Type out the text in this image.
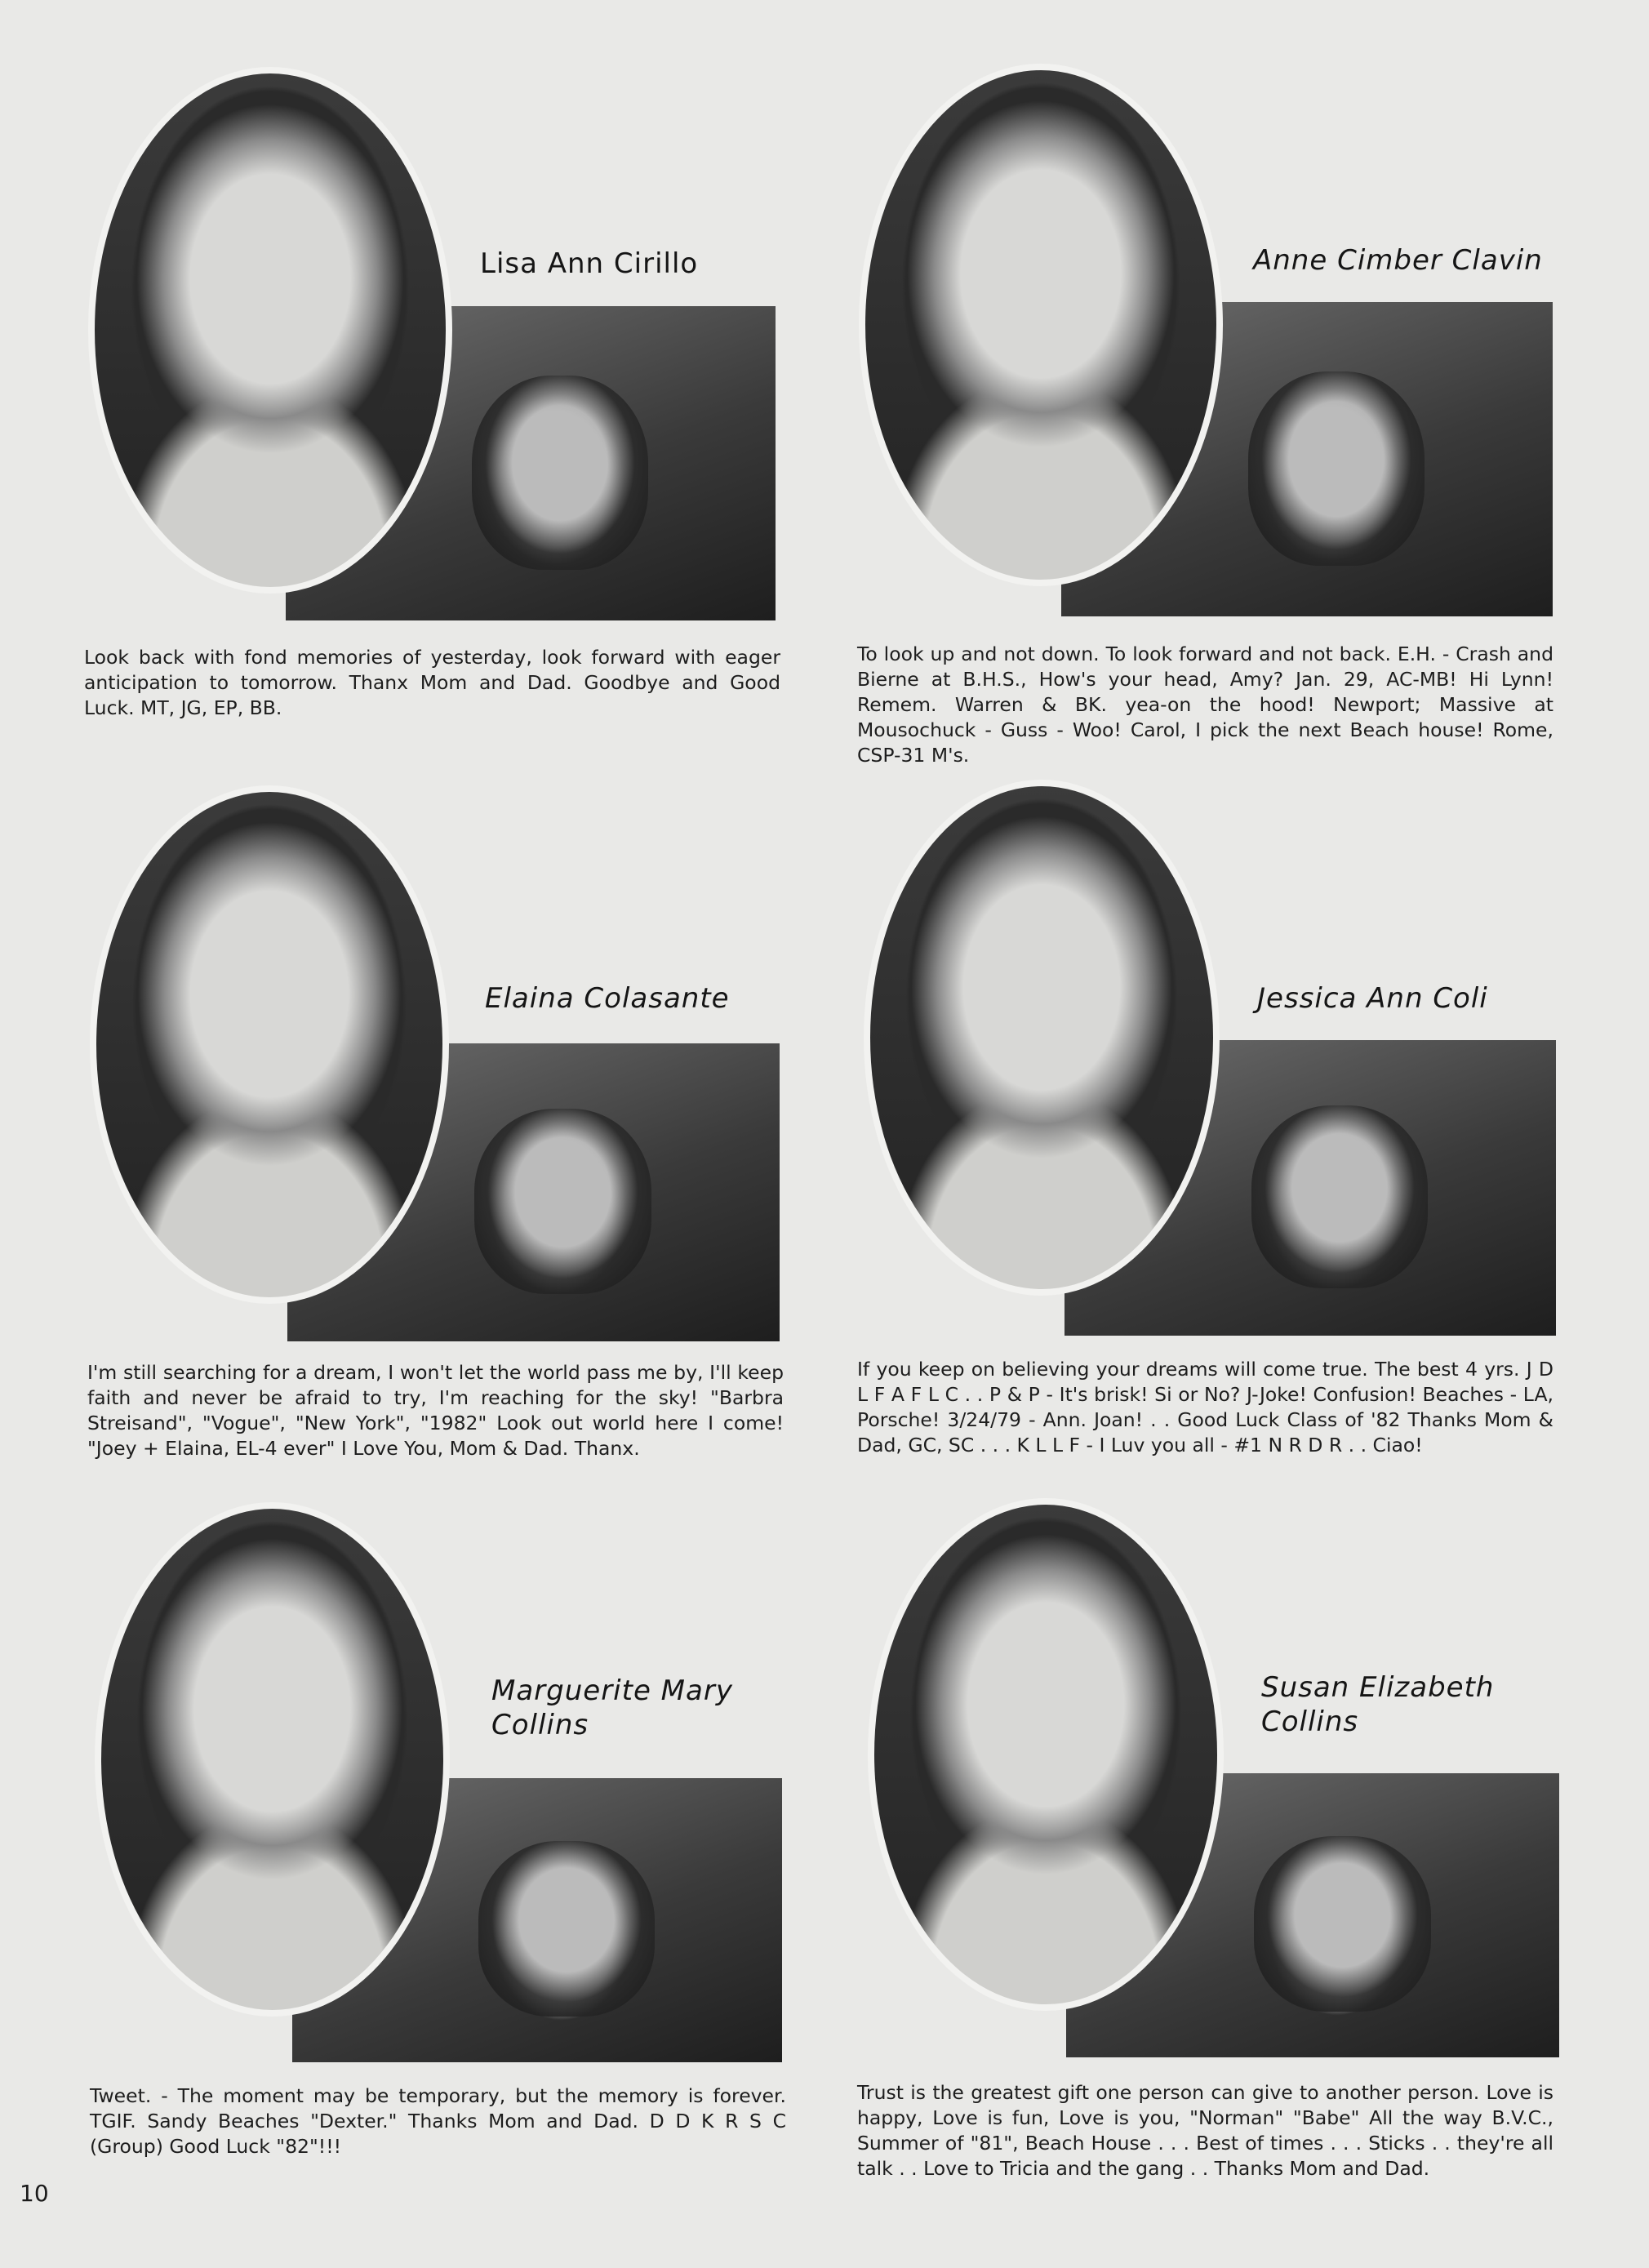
Lisa Ann Cirillo
Look back with fond memories of yesterday, look forward with eager anticipation to tomorrow. Thanx Mom and Dad. Goodbye and Good Luck. MT, JG, EP, BB.
Anne Cimber Clavin
To look up and not down. To look forward and not back. E.H. - Crash and Bierne at B.H.S., How's your head, Amy? Jan. 29, AC-MB! Hi Lynn! Remem. Warren & BK. yea-on the hood! Newport; Massive at Mousochuck - Guss - Woo! Carol, I pick the next Beach house! Rome, CSP-31 M's.
Elaina Colasante
I'm still searching for a dream, I won't let the world pass me by, I'll keep faith and never be afraid to try, I'm reaching for the sky! "Barbra Streisand", "Vogue", "New York", "1982" Look out world here I come! "Joey + Elaina, EL-4 ever" I Love You, Mom & Dad. Thanx.
Jessica Ann Coli
If you keep on believing your dreams will come true. The best 4 yrs. J D L F A F L C . . P & P - It's brisk! Si or No? J-Joke! Confusion! Beaches - LA, Porsche! 3/24/79 - Ann. Joan! . . Good Luck Class of '82 Thanks Mom & Dad, GC, SC . . . K L L F - I Luv you all - #1 N R D R . . Ciao!
Marguerite Mary
Collins
Tweet. - The moment may be temporary, but the memory is forever. TGIF. Sandy Beaches "Dexter." Thanks Mom and Dad. D D K R S C (Group) Good Luck "82"!!!
Susan Elizabeth
Collins
Trust is the greatest gift one person can give to another person. Love is happy, Love is fun, Love is you, "Norman" "Babe" All the way B.V.C., Summer of "81", Beach House . . . Best of times . . . Sticks . . they're all talk . . Love to Tricia and the gang . . Thanks Mom and Dad.
10
